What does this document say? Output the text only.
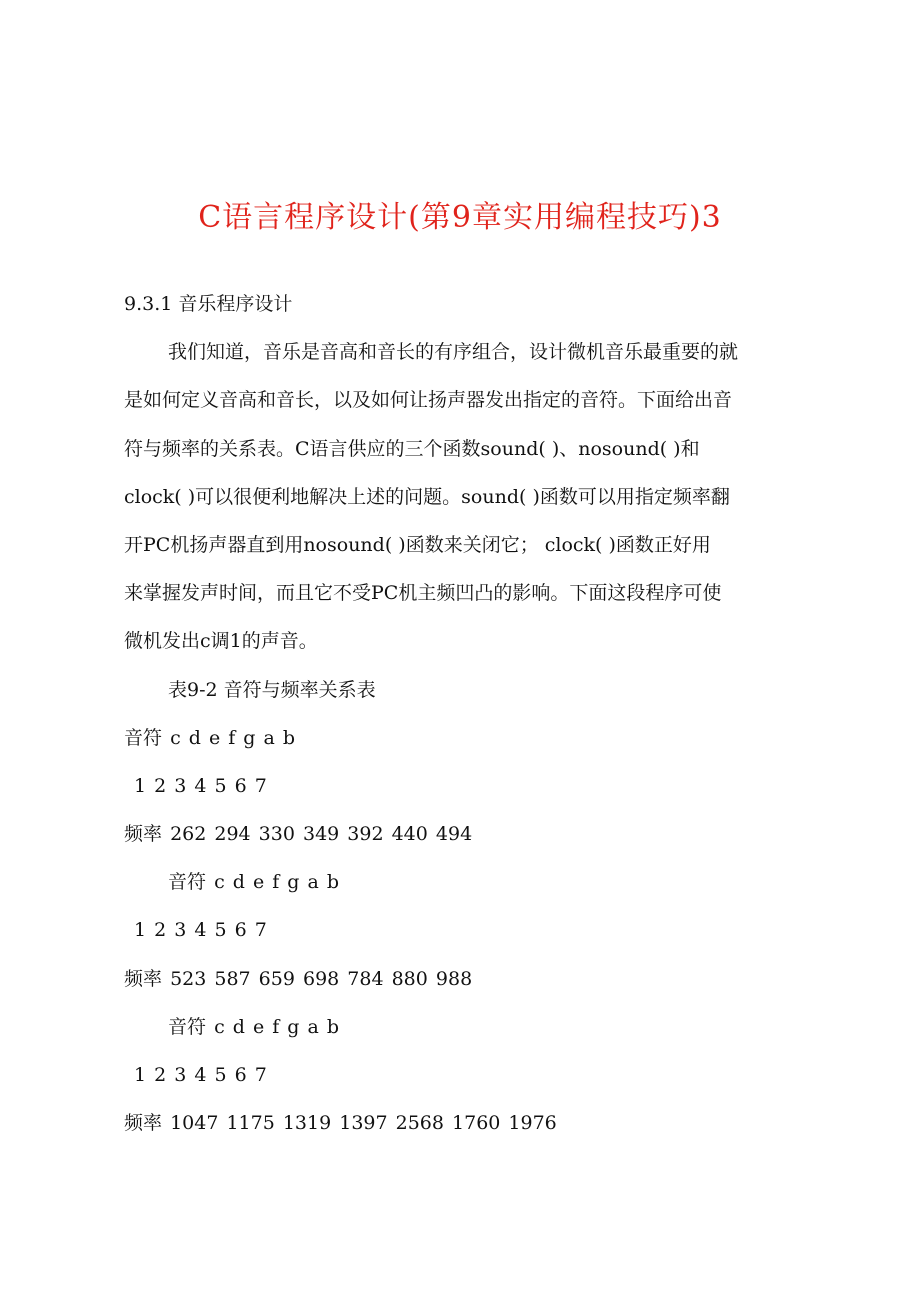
C语言程序设计(第9章实用编程技巧)3
9.3.1 音乐程序设计
我们知道，音乐是音高和音长的有序组合，设计微机音乐最重要的就
是如何定义音高和音长，以及如何让扬声器发出指定的音符。下面给出音
符与频率的关系表。C语言供应的三个函数sound( )、nosound( )和
clock( )可以很便利地解决上述的问题。sound( )函数可以用指定频率翻
开PC机扬声器直到用nosound( )函数来关闭它； clock( )函数正好用
来掌握发声时间，而且它不受PC机主频凹凸的影响。下面这段程序可使
微机发出c调1的声音。
表9-2 音符与频率关系表
音符 c d e f g a b
1 2 3 4 5 6 7
频率 262 294 330 349 392 440 494
音符 c d e f g a b
1 2 3 4 5 6 7
频率 523 587 659 698 784 880 988
音符 c d e f g a b
1 2 3 4 5 6 7
频率 1047 1175 1319 1397 2568 1760 1976
